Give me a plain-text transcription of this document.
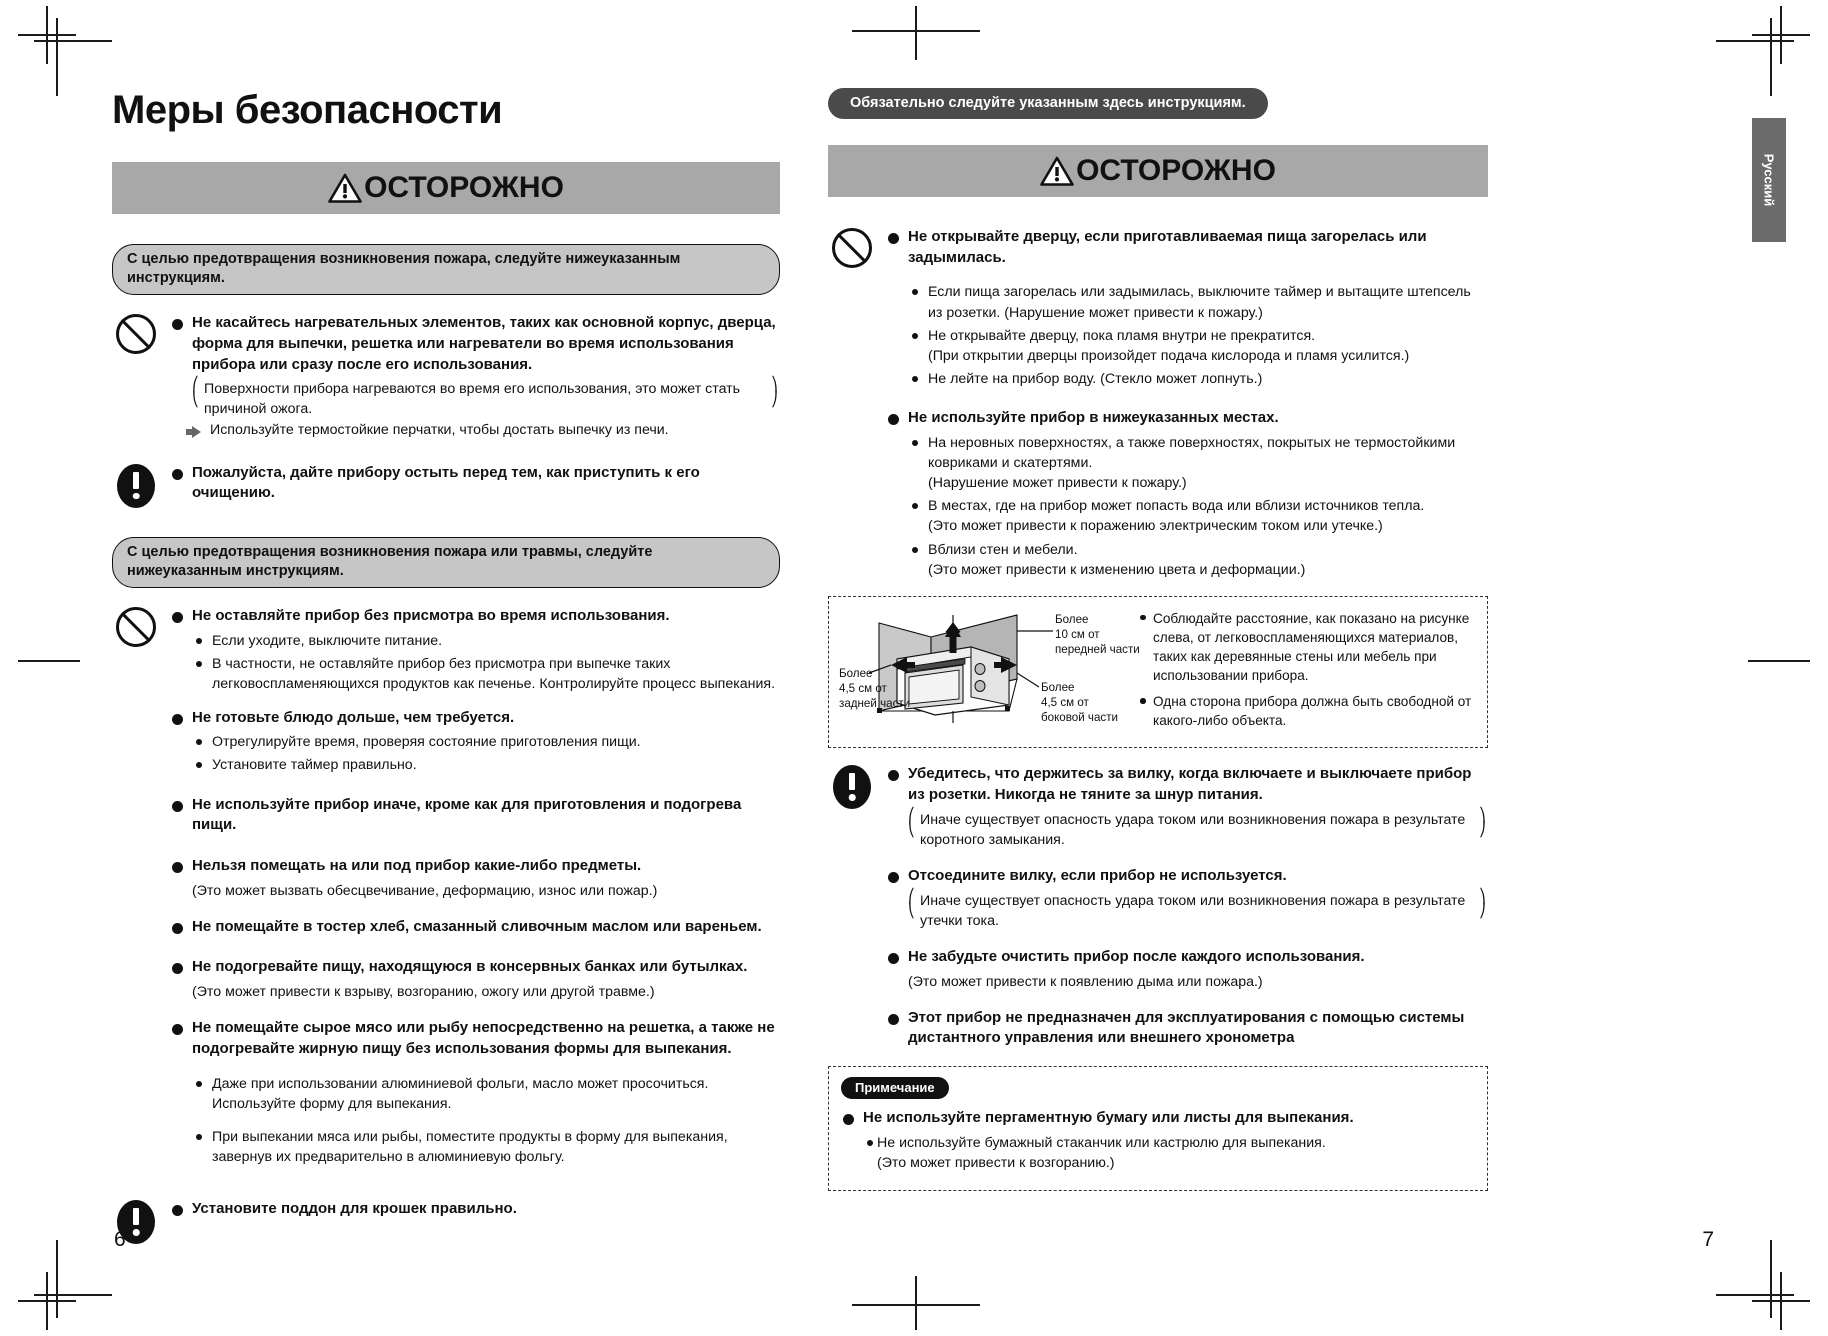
Русский
Меры безопасности
ОСТОРОЖНО
С целью предотвращения возникновения пожара, следуйте нижеуказанным инструкциям.
Не касайтесь нагревательных элементов, таких как основной корпус, дверца, форма для выпечки, решетка или нагреватели во время использования прибора или сразу после его использования.
⎛
⎝
⎞
⎠
Поверхности прибора нагреваются во время его использования, это может стать причиной ожога.
Используйте термостойкие перчатки, чтобы достать выпечку из печи.
Пожалуйста, дайте прибору остыть перед тем, как приступить к его очищению.
С целью предотвращения возникновения пожара или травмы, следуйте нижеуказанным инструкциям.
Не оставляйте прибор без присмотра во время использования.
Если уходите, выключите питание.
В частности, не оставляйте прибор без присмотра при выпечке таких легковоспламеняющихся продуктов как печенье. Контролируйте процесс выпекания.
Не готовьте блюдо дольше, чем требуется.
Отрегулируйте время, проверяя состояние приготовления пищи.
Установите таймер правильно.
Не используйте прибор иначе, кроме как для приготовления и подогрева пищи.
Нельзя помещать на или под прибор какие-либо предметы.
(Это может вызвать обесцвечивание, деформацию, износ или пожар.)
Не помещайте в тостер хлеб, смазанный сливочным маслом или вареньем.
Не подогревайте пищу, находящуюся в консервных банках или бутылках.
(Это может привести к взрыву, возгоранию, ожогу или другой травме.)
Не помещайте сырое мясо или рыбу непосредственно на решетка, а также не подогревайте жирную пищу без использования формы для выпекания.
Даже при использовании алюминиевой фольги, масло может просочиться. Используйте форму для выпекания.
При выпекании мяса или рыбы, поместите продукты в форму для выпекания, завернув их предварительно в алюминиевую фольгу.
Установите поддон для крошек правильно.
Обязательно следуйте указанным здесь инструкциям.
ОСТОРОЖНО
Не открывайте дверцу, если приготавливаемая пища загорелась или задымилась.
Если пища загорелась или задымилась, выключите таймер и вытащите штепсель из розетки. (Нарушение может привести к пожару.)
Не открывайте дверцу, пока пламя внутри не прекратится.
(При открытии дверцы произойдет подача кислорода и пламя усилится.)
Не лейте на прибор воду. (Стекло может лопнуть.)
Не используйте прибор в нижеуказанных местах.
На неровных поверхностях, а также поверхностях, покрытых не термостойкими ковриками и скатертями.
(Нарушение может привести к пожару.)
В местах, где на прибор может попасть вода или вблизи источников тепла.
(Это может привести к поражению электрическим током или утечке.)
Вблизи стен и мебели.
(Это может привести к изменению цвета и деформации.)
Более
10 см от
передней части
Более
4,5 см от
задней части
Более
4,5 см от
боковой части
Соблюдайте расстояние, как показано на рисунке слева, от легковоспламеняющихся материалов, таких как деревянные стены или мебель при использовании прибора.
Одна сторона прибора должна быть свободной от какого-либо объекта.
Убедитесь, что держитесь за вилку, когда включаете и выключаете прибор из розетки. Никогда не тяните за шнур питания.
⎛
⎝
⎞
⎠
Иначе существует опасность удара током или возникновения пожара в результате коротного замыкания.
Отсоедините вилку, если прибор не используется.
⎛
⎝
⎞
⎠
Иначе существует опасность удара током или возникновения пожара в результате утечки тока.
Не забудьте очистить прибор после каждого использования.
(Это может привести к появлению дыма или пожара.)
Этот прибор не предназначен для эксплуатирования с помощью системы дистантного управления или внешнего хронометра
Примечание
Не используйте пергаментную бумагу или листы для выпекания.
Не используйте бумажный стаканчик или кастрюлю для выпекания.
(Это может привести к возгоранию.)
6	7
